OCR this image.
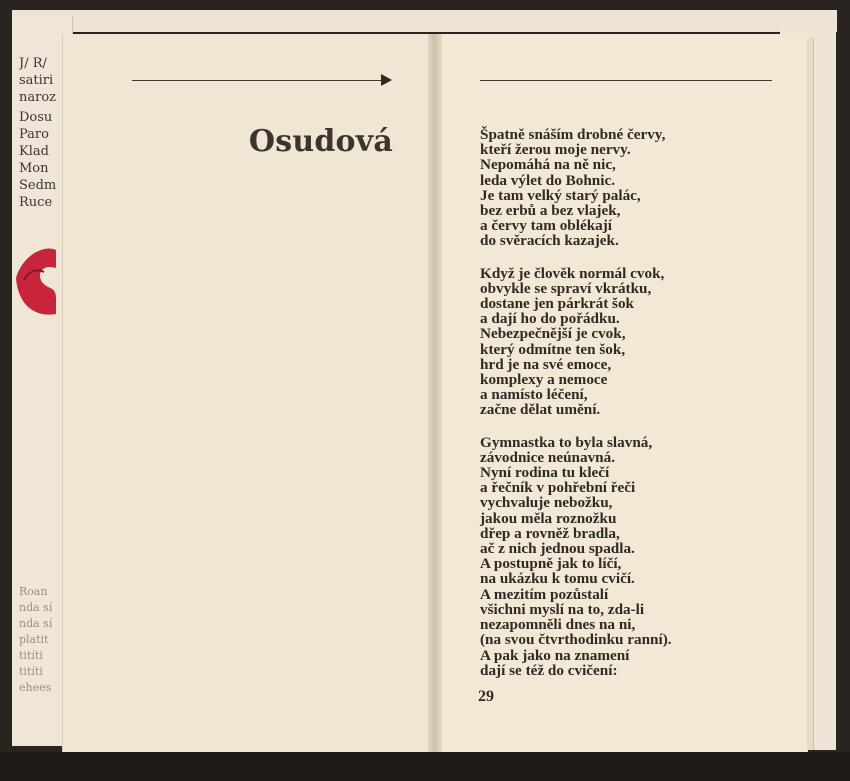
J/ R/
satiri
naroz
Dosu
Paro
Klad
Mon
Sedm
Ruce
Roan
nda sí
nda sí
platit
titíti
titíti
ehees
Osudová	Špatně snáším drobné červy,
kteří žerou moje nervy.
Nepomáhá na ně nic,
leda výlet do Bohnic.
Je tam velký starý palác,
bez erbů a bez vlajek,
a červy tam oblékají
do svěracích kazajek.
Když je člověk normál cvok,
obvykle se spraví vkrátku,
dostane jen párkrát šok
a dají ho do pořádku.
Nebezpečnější je cvok,
který odmítne ten šok,
hrd je na své emoce,
komplexy a nemoce
a namísto léčení,
začne dělat umění.
Gymnastka to byla slavná,
závodnice neúnavná.
Nyní rodina tu klečí
a řečník v pohřební řeči
vychvaluje nebožku,
jakou měla roznožku
dřep a rovněž bradla,
ač z nich jednou spadla.
A postupně jak to líčí,
na ukázku k tomu cvičí.
A mezitím pozůstalí
všichni myslí na to, zda-li
nezapomněli dnes na ni,
(na svou čtvrthodinku ranní).
A pak jako na znamení
dají se též do cvičení:
29
